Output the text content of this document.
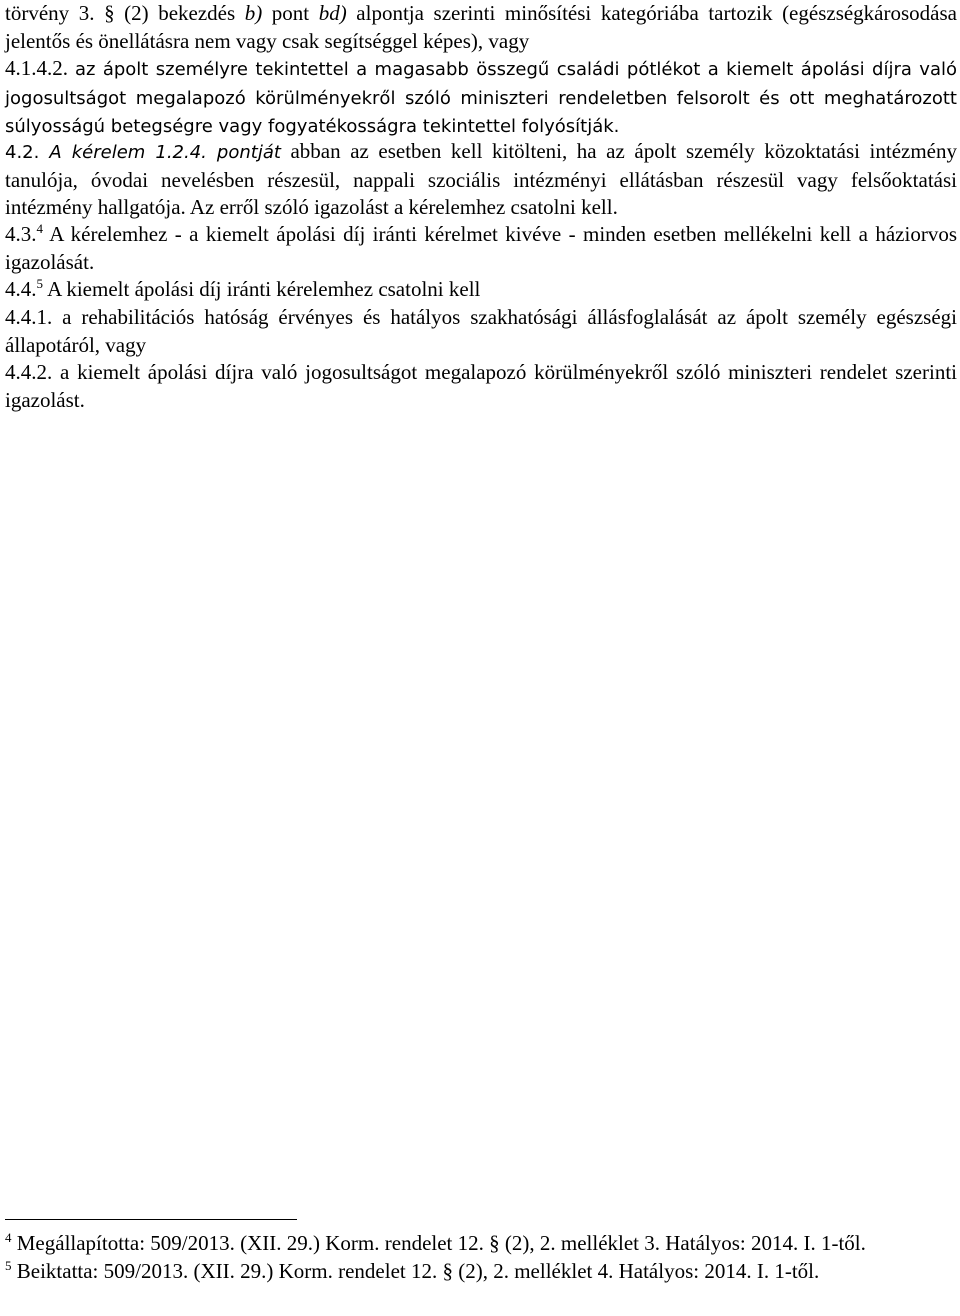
törvény 3. § (2) bekezdés b) pont bd) alpontja szerinti minősítési kategóriába tartozik (egészségkárosodása jelentős és önellátásra nem vagy csak segítséggel képes), vagy

4.1.4.2. az ápolt személyre tekintettel a magasabb összegű családi pótlékot a kiemelt ápolási díjra való jogosultságot megalapozó körülményekről szóló miniszteri rendeletben felsorolt és ott meghatározott súlyosságú betegségre vagy fogyatékosságra tekintettel folyósítják.

4.2. A kérelem 1.2.4. pontját abban az esetben kell kitölteni, ha az ápolt személy közoktatási intézmény tanulója, óvodai nevelésben részesül, nappali szociális intézményi ellátásban részesül vagy felsőoktatási intézmény hallgatója. Az erről szóló igazolást a kérelemhez csatolni kell.

4.3.$^4$ A kérelemhez - a kiemelt ápolási díj iránti kérelmet kivéve - minden esetben mellékelni kell a háziorvos igazolását.

4.4.$^5$ A kiemelt ápolási díj iránti kérelemhez csatolni kell

4.4.1. a rehabilitációs hatóság érvényes és hatályos szakhatósági állásfoglalását az ápolt személy egészségi állapotáról, vagy

4.4.2. a kiemelt ápolási díjra való jogosultságot megalapozó körülményekről szóló miniszteri rendelet szerinti igazolást.

$^4$ Megállapította: 509/2013. (XII. 29.) Korm. rendelet 12. § (2), 2. melléklet 3. Hatályos: 2014. I. 1-től.

$^5$ Beiktatta: 509/2013. (XII. 29.) Korm. rendelet 12. § (2), 2. melléklet 4. Hatályos: 2014. I. 1-től.
